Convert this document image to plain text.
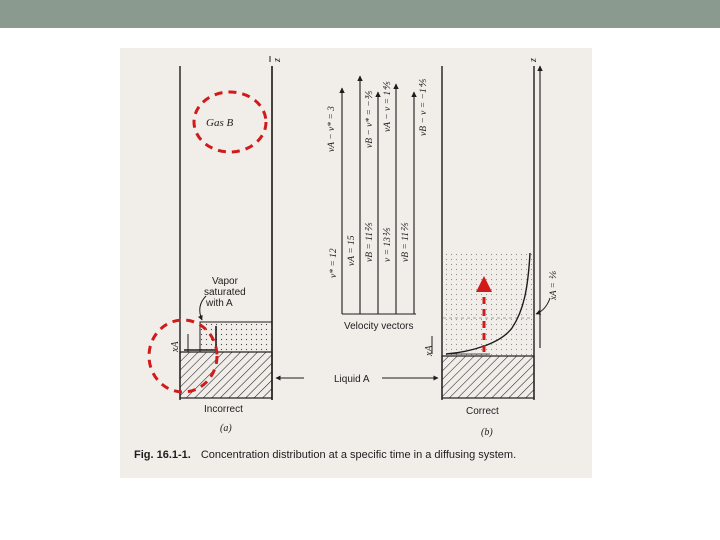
Gas B
Vapor
saturated
with A
xA
z
Incorrect
(a)
Liquid A
Velocity vectors
xA
z
xA = ⅙
Correct
(b)
v* = 12 vA = 15 vB = 11⅖ v = 13⅕ vB = 11⅖
vA − v* = 3	vB − v* = −⅗ vA − v = 1⅘	vB − v = −1⅘
Fig. 16.1-1. Concentration distribution at a specific time in a diffusing system.
